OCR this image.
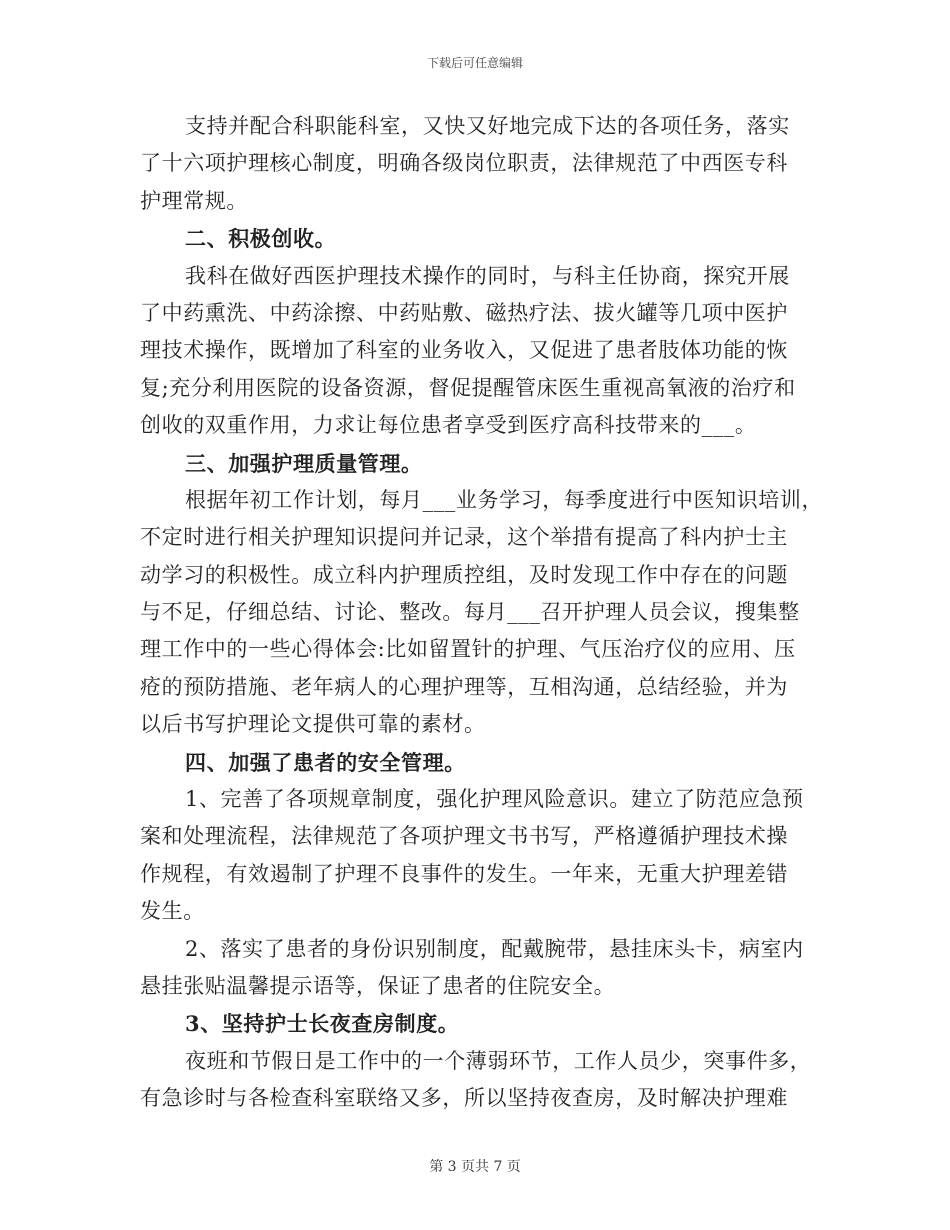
下载后可任意编辑
支持并配合科职能科室，又快又好地完成下达的各项任务，落实
了十六项护理核心制度，明确各级岗位职责，法律规范了中西医专科
护理常规。
二、积极创收。
我科在做好西医护理技术操作的同时，与科主任协商，探究开展
了中药熏洗、中药涂擦、中药贴敷、磁热疗法、拔火罐等几项中医护
理技术操作，既增加了科室的业务收入，又促进了患者肢体功能的恢
复;充分利用医院的设备资源，督促提醒管床医生重视高氧液的治疗和
创收的双重作用，力求让每位患者享受到医疗高科技带来的___。
三、加强护理质量管理。
根据年初工作计划，每月___业务学习，每季度进行中医知识培训，
不定时进行相关护理知识提问并记录，这个举措有提高了科内护士主
动学习的积极性。成立科内护理质控组，及时发现工作中存在的问题
与不足，仔细总结、讨论、整改。每月___召开护理人员会议，搜集整
理工作中的一些心得体会:比如留置针的护理、气压治疗仪的应用、压
疮的预防措施、老年病人的心理护理等，互相沟通，总结经验，并为
以后书写护理论文提供可靠的素材。
四、加强了患者的安全管理。
1、完善了各项规章制度，强化护理风险意识。建立了防范应急预
案和处理流程，法律规范了各项护理文书书写，严格遵循护理技术操
作规程，有效遏制了护理不良事件的发生。一年来，无重大护理差错
发生。
2、落实了患者的身份识别制度，配戴腕带，悬挂床头卡，病室内
悬挂张贴温馨提示语等，保证了患者的住院安全。
3、坚持护士长夜查房制度。
夜班和节假日是工作中的一个薄弱环节，工作人员少，突事件多，
有急诊时与各检查科室联络又多，所以坚持夜查房，及时解决护理难
第 3 页共 7 页
